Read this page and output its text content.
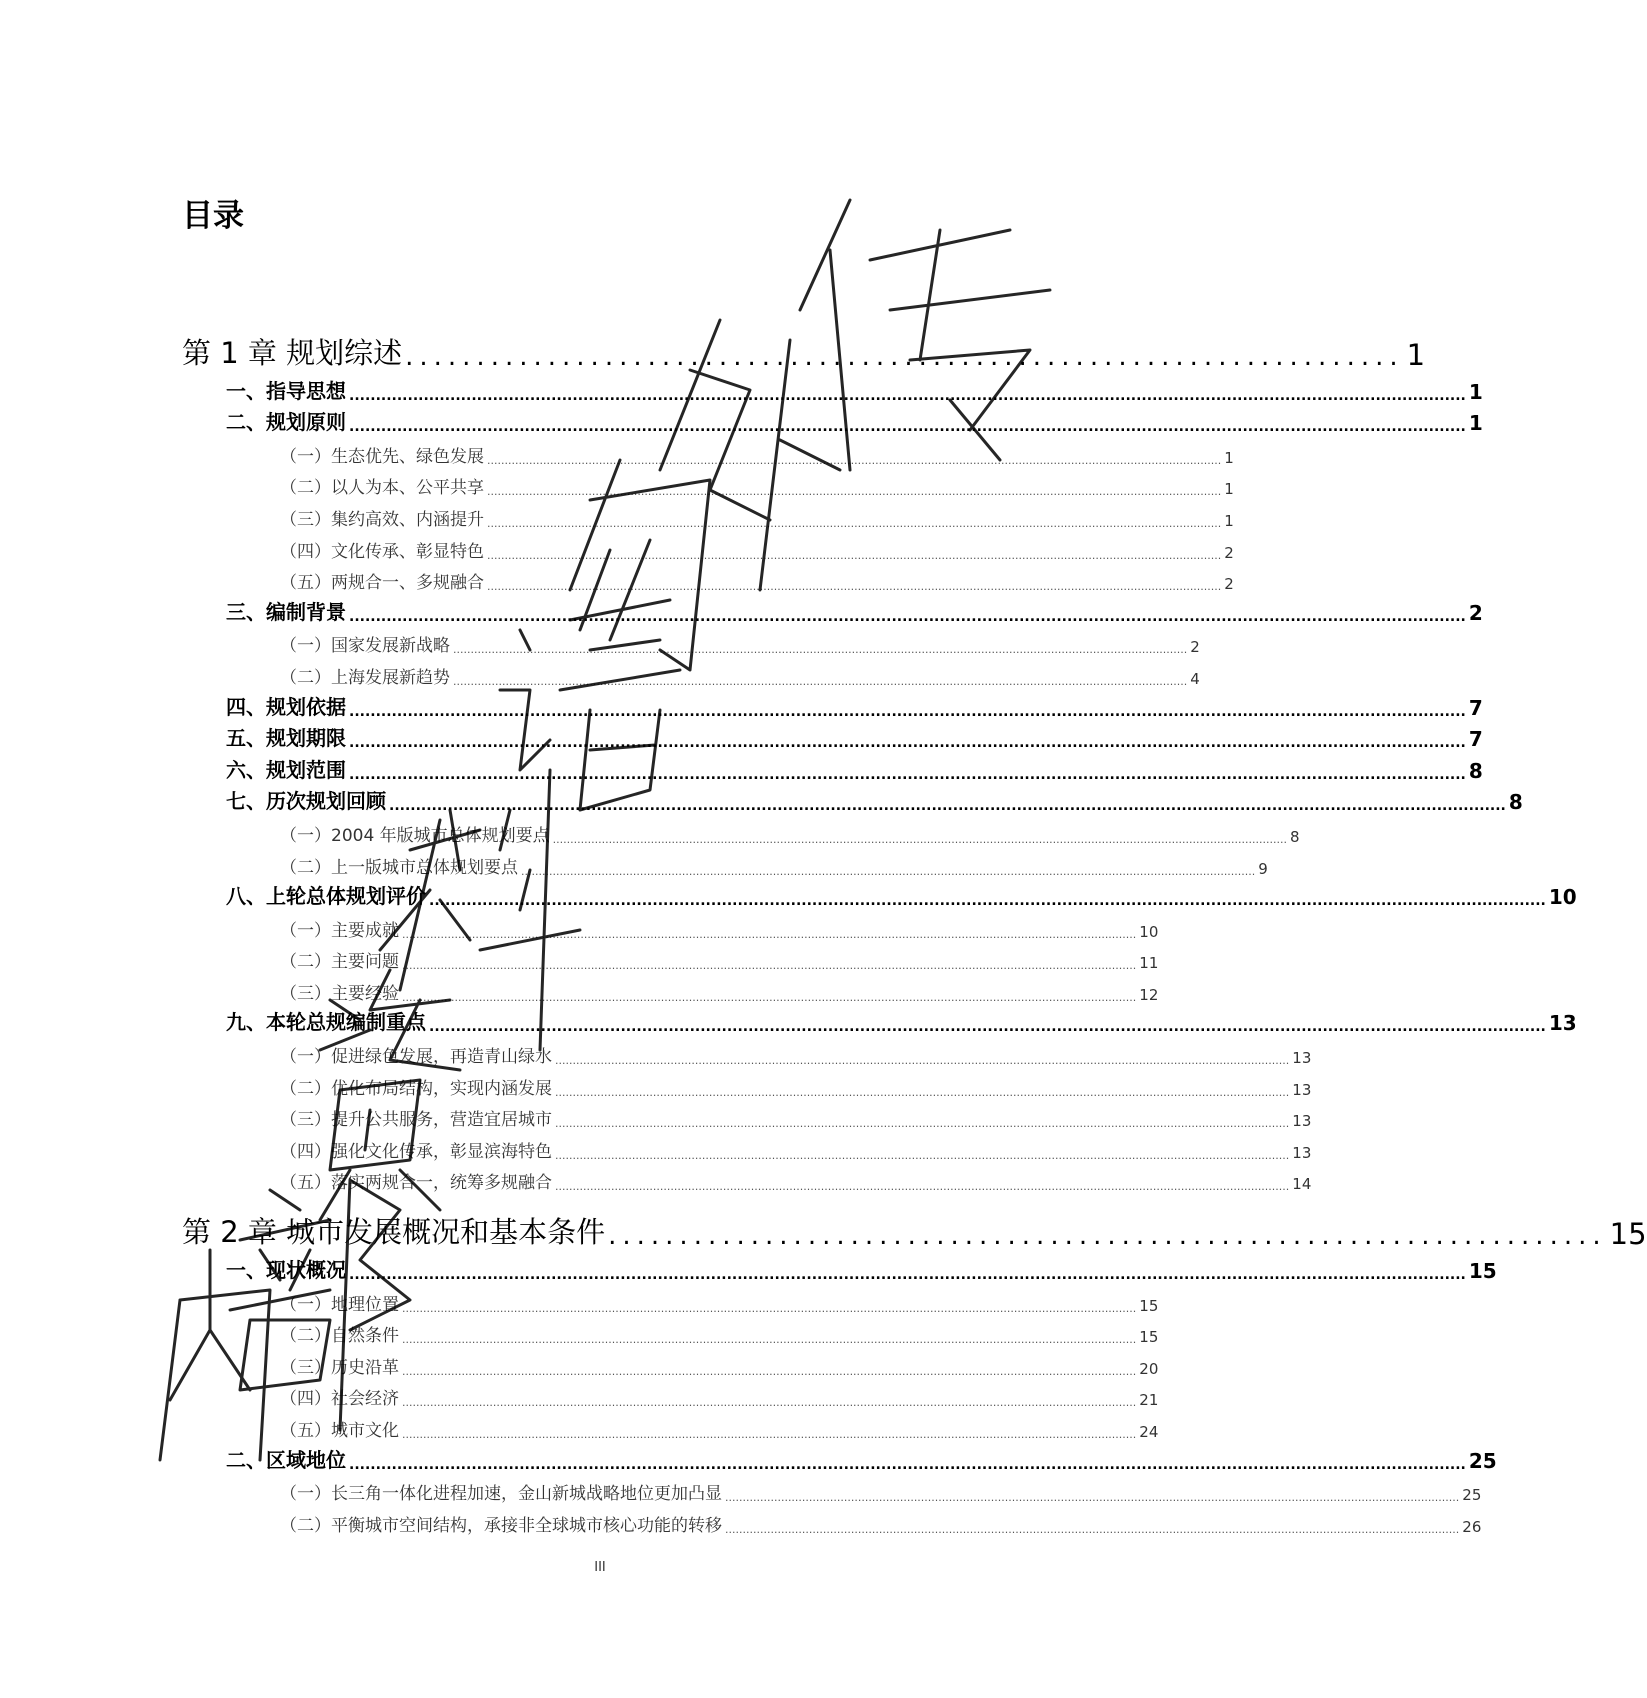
目录
第 1 章 规划综述 ...................................................................... 1
一、指导思想 .................................................................................................................................................................................................................. 1
二、规划原则 .................................................................................................................................................................................................................. 1
（一）生态优先、绿色发展 .................................................................................................................................................................................................................. 1
（二）以人为本、公平共享 .................................................................................................................................................................................................................. 1
（三）集约高效、内涵提升 .................................................................................................................................................................................................................. 1
（四）文化传承、彰显特色 .................................................................................................................................................................................................................. 2
（五）两规合一、多规融合 .................................................................................................................................................................................................................. 2
三、编制背景 .................................................................................................................................................................................................................. 2
（一）国家发展新战略 .................................................................................................................................................................................................................. 2
（二）上海发展新趋势 .................................................................................................................................................................................................................. 4
四、规划依据 .................................................................................................................................................................................................................. 7
五、规划期限 .................................................................................................................................................................................................................. 7
六、规划范围 .................................................................................................................................................................................................................. 8
七、历次规划回顾 .................................................................................................................................................................................................................. 8
（一）2004 年版城市总体规划要点 .................................................................................................................................................................................................................. 8
（二）上一版城市总体规划要点 .................................................................................................................................................................................................................. 9
八、上轮总体规划评价 .................................................................................................................................................................................................................. 10
（一）主要成就 .................................................................................................................................................................................................................. 10
（二）主要问题 .................................................................................................................................................................................................................. 11
（三）主要经验 .................................................................................................................................................................................................................. 12
九、本轮总规编制重点 .................................................................................................................................................................................................................. 13
（一）促进绿色发展，再造青山绿水 .................................................................................................................................................................................................................. 13
（二）优化布局结构，实现内涵发展 .................................................................................................................................................................................................................. 13
（三）提升公共服务，营造宜居城市 .................................................................................................................................................................................................................. 13
（四）强化文化传承，彰显滨海特色 .................................................................................................................................................................................................................. 13
（五）落实两规合一，统筹多规融合 .................................................................................................................................................................................................................. 14
第 2 章 城市发展概况和基本条件 ...................................................................... 15
一、现状概况 .................................................................................................................................................................................................................. 15
（一）地理位置 .................................................................................................................................................................................................................. 15
（二）自然条件 .................................................................................................................................................................................................................. 15
（三）历史沿革 .................................................................................................................................................................................................................. 20
（四）社会经济 .................................................................................................................................................................................................................. 21
（五）城市文化 .................................................................................................................................................................................................................. 24
二、区域地位 .................................................................................................................................................................................................................. 25
（一）长三角一体化进程加速，金山新城战略地位更加凸显 .................................................................................................................................................................................................................. 25
（二）平衡城市空间结构，承接非全球城市核心功能的转移 .................................................................................................................................................................................................................. 26
III
内部资料 请勿外传
